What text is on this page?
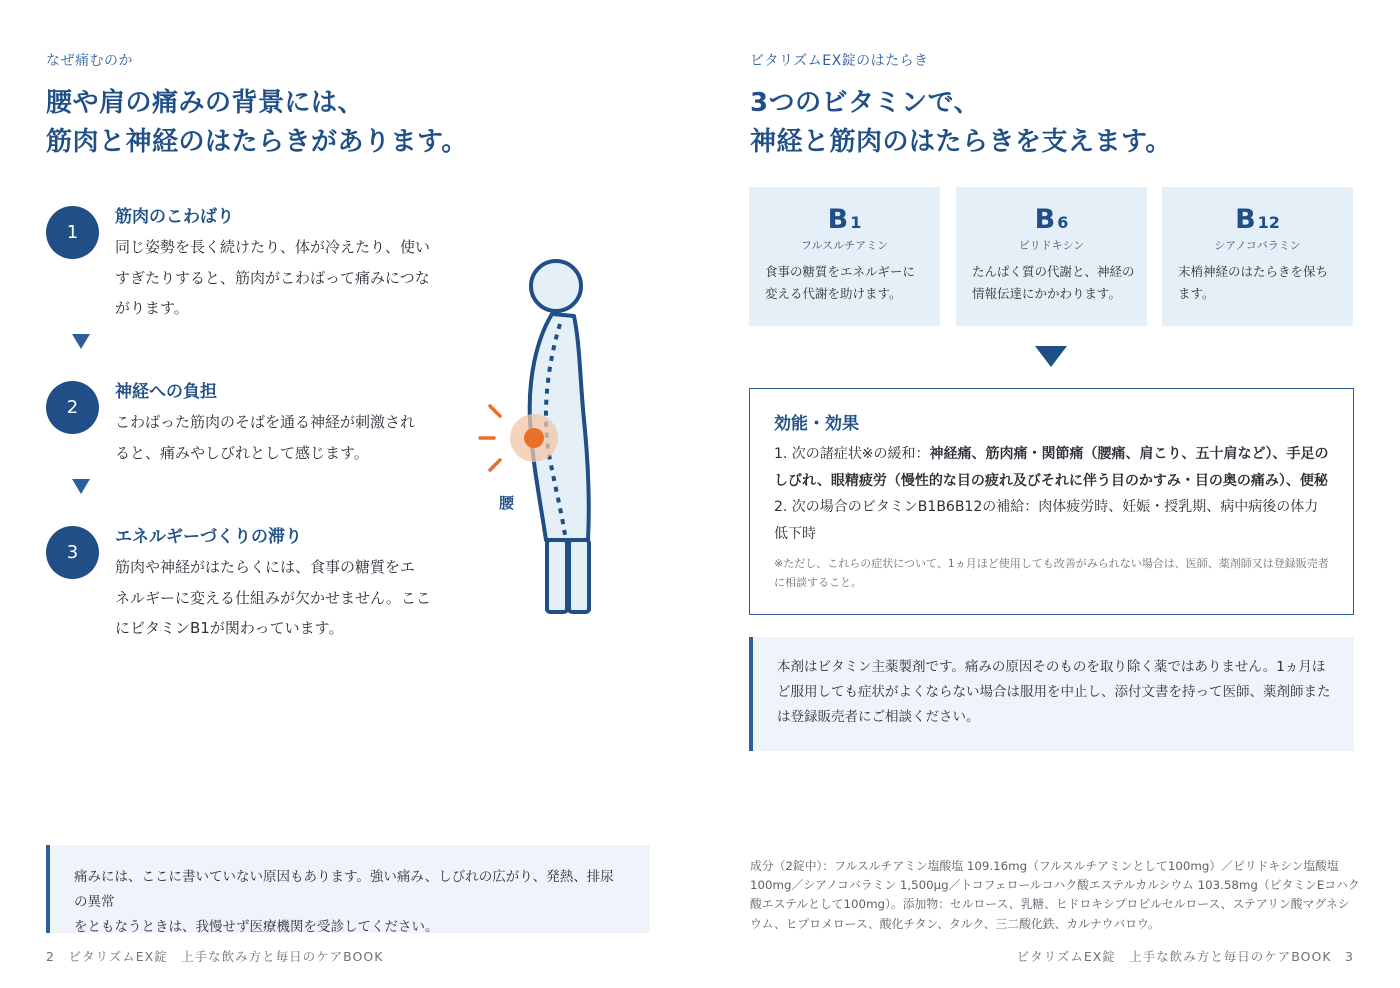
なぜ痛むのか
腰や肩の痛みの背景には、
筋肉と神経のはたらきがあります。
1
筋肉のこわばり
同じ姿勢を長く続けたり、体が冷えたり、使い
すぎたりすると、筋肉がこわばって痛みにつな
がります。
2
神経への負担
こわばった筋肉のそばを通る神経が刺激され
ると、痛みやしびれとして感じます。
3
エネルギーづくりの滞り
筋肉や神経がはたらくには、食事の糖質をエ
ネルギーに変える仕組みが欠かせません。ここ
にビタミンB1が関わっています。
腰
痛みには、ここに書いていない原因もあります。強い痛み、しびれの広がり、発熱、排尿の異常
をともなうときは、我慢せず医療機関を受診してください。
2　ビタリズムEX錠　上手な飲み方と毎日のケアBOOK
ビタリズムEX錠のはたらき
3つのビタミンで、
神経と筋肉のはたらきを支えます。
B 1
フルスルチアミン
食事の糖質をエネルギーに
変える代謝を助けます。
B 6
ピリドキシン
たんぱく質の代謝と、神経の
情報伝達にかかわります。
B 12
シアノコバラミン
末梢神経のはたらきを保ち
ます。
効能・効果
1. 次の諸症状※の緩和：神経痛、筋肉痛・関節痛（腰痛、肩こり、五十肩など）、手足のしびれ、眼精疲労（慢性的な目の疲れ及びそれに伴う目のかすみ・目の奥の痛み）、便秘
2. 次の場合のビタミンB1B6B12の補給：肉体疲労時、妊娠・授乳期、病中病後の体力低下時
※ただし、これらの症状について、1ヵ月ほど使用しても改善がみられない場合は、医師、薬剤師又は登録販売者に相談すること。
本剤はビタミン主薬製剤です。痛みの原因そのものを取り除く薬ではありません。1ヵ月ほど服用しても症状がよくならない場合は服用を中止し、添付文書を持って医師、薬剤師または登録販売者にご相談ください。
成分（2錠中）：フルスルチアミン塩酸塩 109.16mg（フルスルチアミンとして100mg）／ピリドキシン塩酸塩 100mg／シアノコバラミン 1,500μg／トコフェロールコハク酸エステルカルシウム 103.58mg（ビタミンEコハク酸エステルとして100mg）。添加物：セルロース、乳糖、ヒドロキシプロピルセルロース、ステアリン酸マグネシウム、ヒプロメロース、酸化チタン、タルク、三二酸化鉄、カルナウバロウ。
ビタリズムEX錠　上手な飲み方と毎日のケアBOOK　3
